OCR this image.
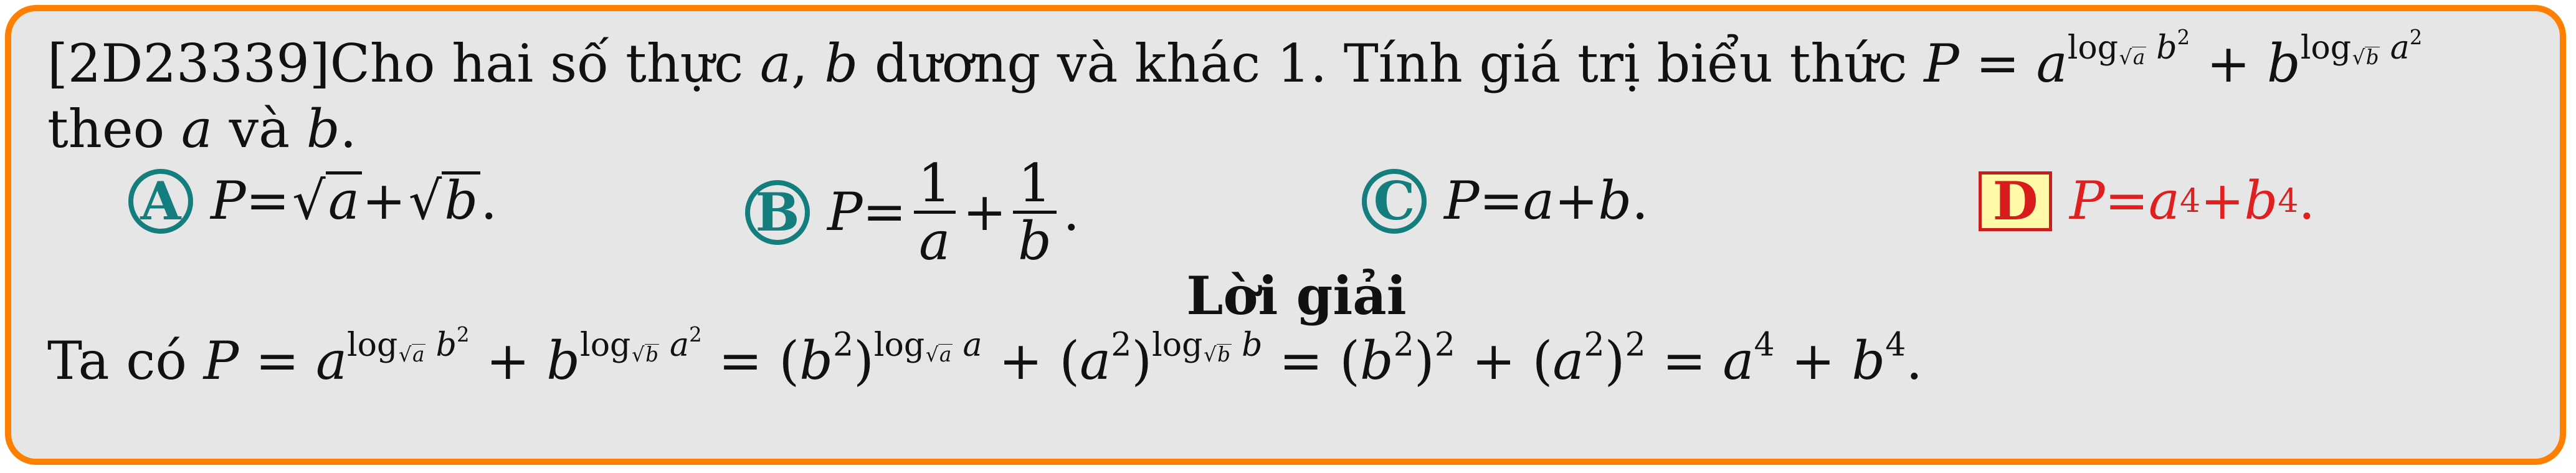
[2D23339]Cho hai số thực a, b dương và khác 1. Tính giá trị biểu thức $P = a^{log_{√a} b^2} + b^{log_{√b} a^2}$
theo a và b.
A P = √a + √b .	B $P = \frac{1}{a} + \frac{1}{b}$ .	C P = a + b .	D P = a 4 + b 4 .
Lời giải
Ta có $P = a^{log_{√a} b^2} + b^{log_{√b} a^2} = (b^2)^{log_{√a} a} + (a^2)^{log_{√b} b} = (b^2)^2 + (a^2)^2 = a^4 + b^4$.
